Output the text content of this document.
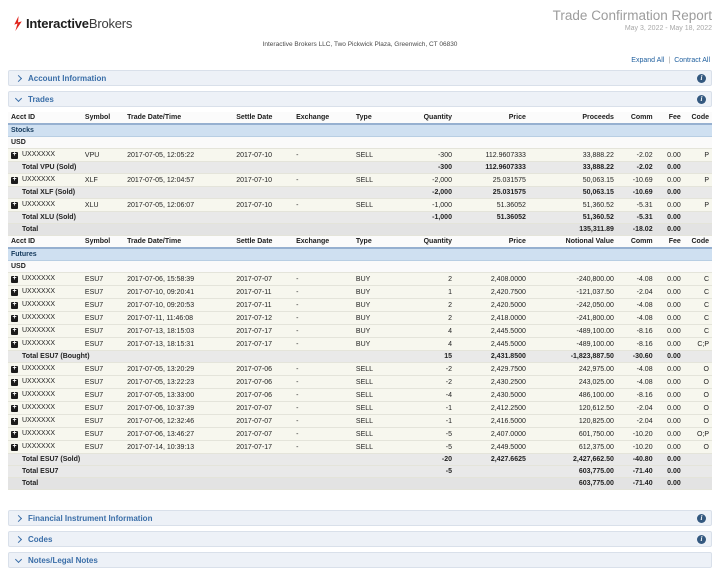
Interactive Brokers
Trade Confirmation Report
May 3, 2022 - May 18, 2022
Interactive Brokers LLC, Two Pickwick Plaza, Greenwich, CT 06830
Expand All | Contract All
Account Information	i
Trades	i
Acct ID	Symbol	Trade Date/Time	Settle Date	Exchange	Type	Quantity	Price	Proceeds	Comm	Fee	Code
Stocks											
USD											
+ UXXXXXX	VPU	2017-07-05, 12:05:22	2017-07-10	-	SELL	-300	112.9607333	33,888.22	-2.02	0.00	P
Total VPU (Sold)						-300	112.9607333	33,888.22	-2.02	0.00	
+ UXXXXXX	XLF	2017-07-05, 12:04:57	2017-07-10	-	SELL	-2,000	25.031575	50,063.15	-10.69	0.00	P
Total XLF (Sold)						-2,000	25.031575	50,063.15	-10.69	0.00	
+ UXXXXXX	XLU	2017-07-05, 12:06:07	2017-07-10	-	SELL	-1,000	51.36052	51,360.52	-5.31	0.00	P
Total XLU (Sold)						-1,000	51.36052	51,360.52	-5.31	0.00	
Total								135,311.89	-18.02	0.00	
Acct ID	Symbol	Trade Date/Time	Settle Date	Exchange	Type	Quantity	Price	Notional Value	Comm	Fee	Code
Futures											
USD											
+ UXXXXXX	ESU7	2017-07-06, 15:58:39	2017-07-07	-	BUY	2	2,408.0000	-240,800.00	-4.08	0.00	C
+ UXXXXXX	ESU7	2017-07-10, 09:20:41	2017-07-11	-	BUY	1	2,420.7500	-121,037.50	-2.04	0.00	C
+ UXXXXXX	ESU7	2017-07-10, 09:20:53	2017-07-11	-	BUY	2	2,420.5000	-242,050.00	-4.08	0.00	C
+ UXXXXXX	ESU7	2017-07-11, 11:46:08	2017-07-12	-	BUY	2	2,418.0000	-241,800.00	-4.08	0.00	C
+ UXXXXXX	ESU7	2017-07-13, 18:15:03	2017-07-17	-	BUY	4	2,445.5000	-489,100.00	-8.16	0.00	C
+ UXXXXXX	ESU7	2017-07-13, 18:15:31	2017-07-17	-	BUY	4	2,445.5000	-489,100.00	-8.16	0.00	C;P
Total ESU7 (Bought)						15	2,431.8500	-1,823,887.50	-30.60	0.00	
+ UXXXXXX	ESU7	2017-07-05, 13:20:29	2017-07-06	-	SELL	-2	2,429.7500	242,975.00	-4.08	0.00	O
+ UXXXXXX	ESU7	2017-07-05, 13:22:23	2017-07-06	-	SELL	-2	2,430.2500	243,025.00	-4.08	0.00	O
+ UXXXXXX	ESU7	2017-07-05, 13:33:00	2017-07-06	-	SELL	-4	2,430.5000	486,100.00	-8.16	0.00	O
+ UXXXXXX	ESU7	2017-07-06, 10:37:39	2017-07-07	-	SELL	-1	2,412.2500	120,612.50	-2.04	0.00	O
+ UXXXXXX	ESU7	2017-07-06, 12:32:46	2017-07-07	-	SELL	-1	2,416.5000	120,825.00	-2.04	0.00	O
+ UXXXXXX	ESU7	2017-07-06, 13:46:27	2017-07-07	-	SELL	-5	2,407.0000	601,750.00	-10.20	0.00	O;P
+ UXXXXXX	ESU7	2017-07-14, 10:39:13	2017-07-17	-	SELL	-5	2,449.5000	612,375.00	-10.20	0.00	O
Total ESU7 (Sold)						-20	2,427.6625	2,427,662.50	-40.80	0.00	
Total ESU7						-5		603,775.00	-71.40	0.00	
Total								603,775.00	-71.40	0.00	
Financial Instrument Information	i
Codes	i
Notes/Legal Notes
